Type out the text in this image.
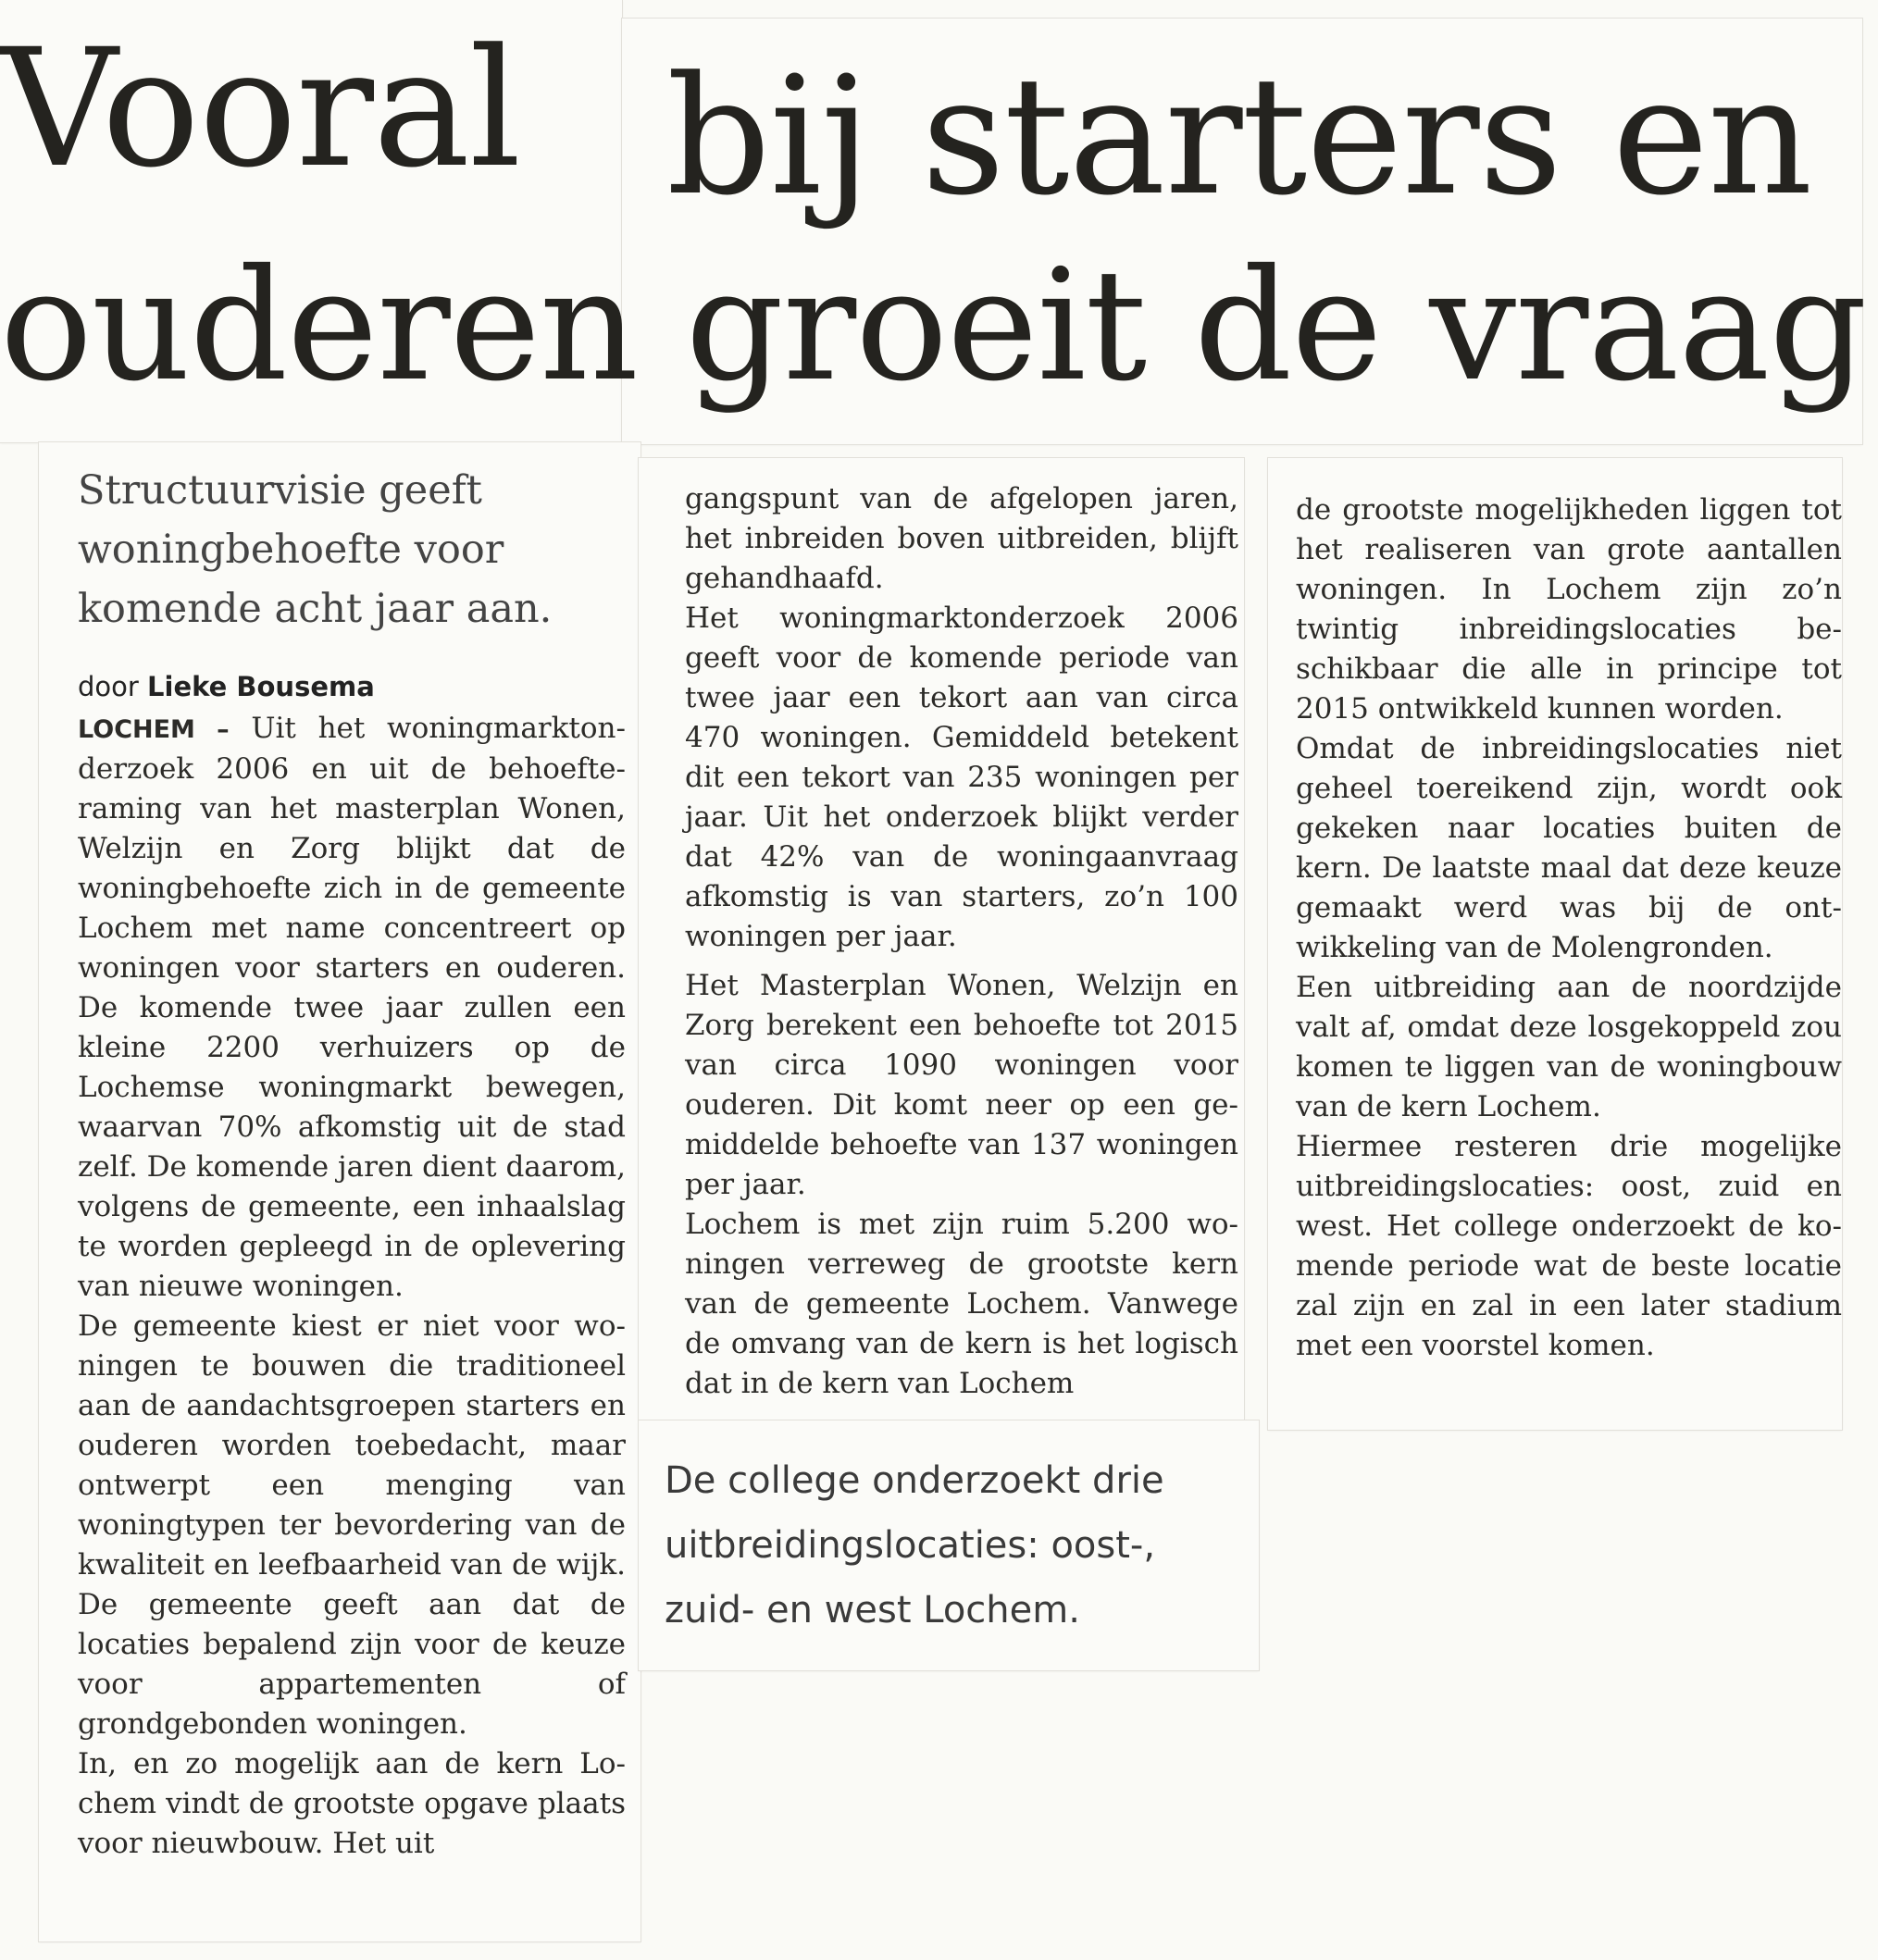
Vooral bij starters en
ouderen groeit de vraag
Structuurvisie geeft
woningbehoefte voor
komende acht jaar aan.
door Lieke Bousema

LOCHEM – Uit het woningmarktonderzoek 2006 en uit de behoefteraming van het masterplan Wonen, Welzijn en Zorg blijkt dat de woningbehoefte zich in de gemeente Lochem met name concentreert op woningen voor starters en ouderen. De komende twee jaar zullen een kleine 2200 verhuizers op de Lochemse woningmarkt bewegen, waarvan 70% afkomstig uit de stad zelf. De komende jaren dient daarom, volgens de gemeente, een inhaalslag te worden gepleegd in de oplevering van nieuwe woningen.

De gemeente kiest er niet voor woningen te bouwen die traditioneel aan de aandachtsgroepen starters en ouderen worden toebedacht, maar ontwerpt een menging van woningtypen ter bevordering van de kwaliteit en leefbaarheid van de wijk. De gemeente geeft aan dat de locaties bepalend zijn voor de keuze voor appartementen of grondgebonden woningen.

In, en zo mogelijk aan de kern Lochem vindt de grootste opgave plaats voor nieuwbouw. Het uit

gangspunt van de afgelopen jaren, het inbreiden boven uitbreiden, blijft gehandhaafd.

Het woningmarktonderzoek 2006 geeft voor de komende periode van twee jaar een tekort aan van circa 470 woningen. Gemiddeld betekent dit een tekort van 235 woningen per jaar. Uit het onderzoek blijkt verder dat 42% van de woningaanvraag afkomstig is van starters, zo’n 100 woningen per jaar.

Het Masterplan Wonen, Welzijn en Zorg berekent een behoefte tot 2015 van circa 1090 woningen voor ouderen. Dit komt neer op een gemiddelde behoefte van 137 woningen per jaar.

Lochem is met zijn ruim 5.200 woningen verreweg de grootste kern van de gemeente Lochem. Vanwege de omvang van de kern is het logisch dat in de kern van Lochem

De college onderzoekt drie
uitbreidingslocaties: oost-,
zuid- en west Lochem.

de grootste mogelijkheden liggen tot het realiseren van grote aantallen woningen. In Lochem zijn zo’n twintig inbreidingslocaties beschikbaar die alle in principe tot 2015 ontwikkeld kunnen worden.

Omdat de inbreidingslocaties niet geheel toereikend zijn, wordt ook gekeken naar locaties buiten de kern. De laatste maal dat deze keuze gemaakt werd was bij de ontwikkeling van de Molengronden.

Een uitbreiding aan de noordzijde valt af, omdat deze losgekoppeld zou komen te liggen van de woningbouw van de kern Lochem.

Hiermee resteren drie mogelijke uitbreidingslocaties: oost, zuid en west. Het college onderzoekt de komende periode wat de beste locatie zal zijn en zal in een later stadium met een voorstel komen.
